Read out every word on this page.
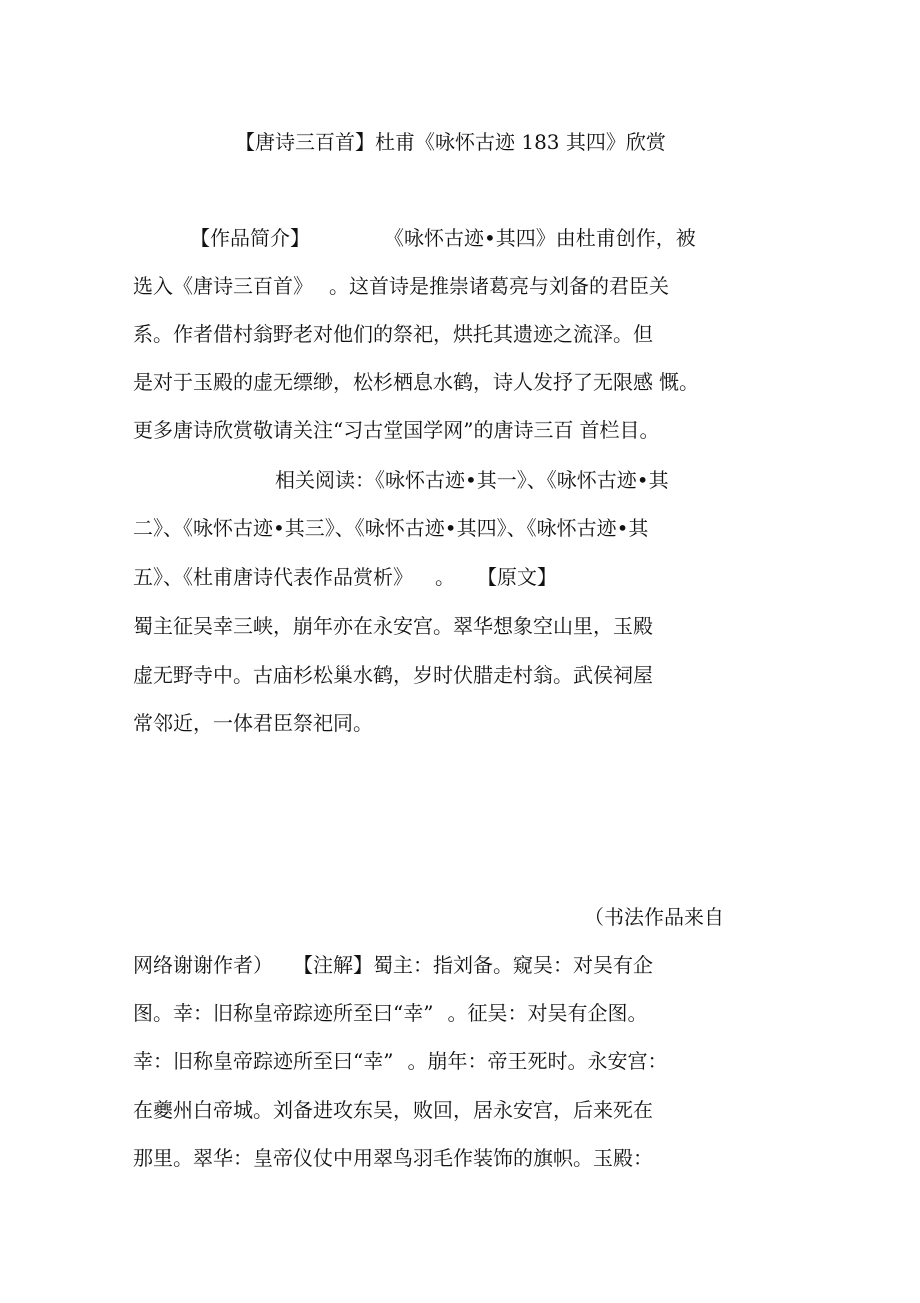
【唐诗三百首】杜甫《咏怀古迹 183 其四》欣赏
【作品简介】	《咏怀古迹•其四》由杜甫创作，被
选入《唐诗三百首》 。这首诗是推崇诸葛亮与刘备的君臣关
系。作者借村翁野老对他们的祭祀，烘托其遗迹之流泽。但
是对于玉殿的虚无缥缈，松杉栖息水鹤，诗人发抒了无限感 慨。
更多唐诗欣赏敬请关注“习古堂国学网”的唐诗三百 首栏目。
相关阅读：《咏怀古迹•其一》、《咏怀古迹•其
二》、《咏怀古迹•其三》、《咏怀古迹•其四》、《咏怀古迹•其
五》、《杜甫唐诗代表作品赏析》 。 【原文】
蜀主征吴幸三峡，崩年亦在永安宫。翠华想象空山里，玉殿
虚无野寺中。古庙杉松巢水鹤，岁时伏腊走村翁。武侯祠屋
常邻近，一体君臣祭祀同。
（书法作品来自
网络谢谢作者） 【注解】蜀主：指刘备。窥吴：对吴有企
图。幸：旧称皇帝踪迹所至曰“幸” 。征吴：对吴有企图。
幸：旧称皇帝踪迹所至曰“幸” 。崩年：帝王死时。永安宫：
在夔州白帝城。刘备进攻东吴，败回，居永安宫，后来死在
那里。翠华：皇帝仪仗中用翠鸟羽毛作装饰的旗帜。玉殿：
